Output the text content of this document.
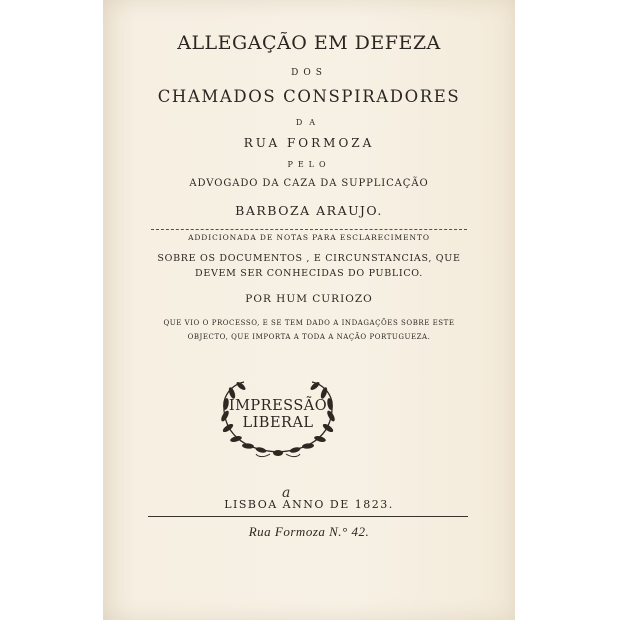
ALLEGAÇÃO EM DEFEZA
DOS
CHAMADOS CONSPIRADORES
DA
RUA FORMOZA
PELO
ADVOGADO DA CAZA DA SUPPLICAÇÃO
BARBOZA ARAUJO.
ADDICIONADA DE NOTAS PARA ESCLARECIMENTO
SOBRE OS DOCUMENTOS , E CIRCUNSTANCIAS, QUE
DEVEM SER CONHECIDAS DO PUBLICO.
POR HUM CURIOZO
QUE VIO O PROCESSO, E SE TEM DADO A INDAGAÇÕES SOBRE ESTE
OBJECTO, QUE IMPORTA A TODA A NAÇÃO PORTUGUEZA.
IMPRESSÃO
LIBERAL
a
LISBOA ANNO DE 1823.
Rua Formoza N.° 42.
